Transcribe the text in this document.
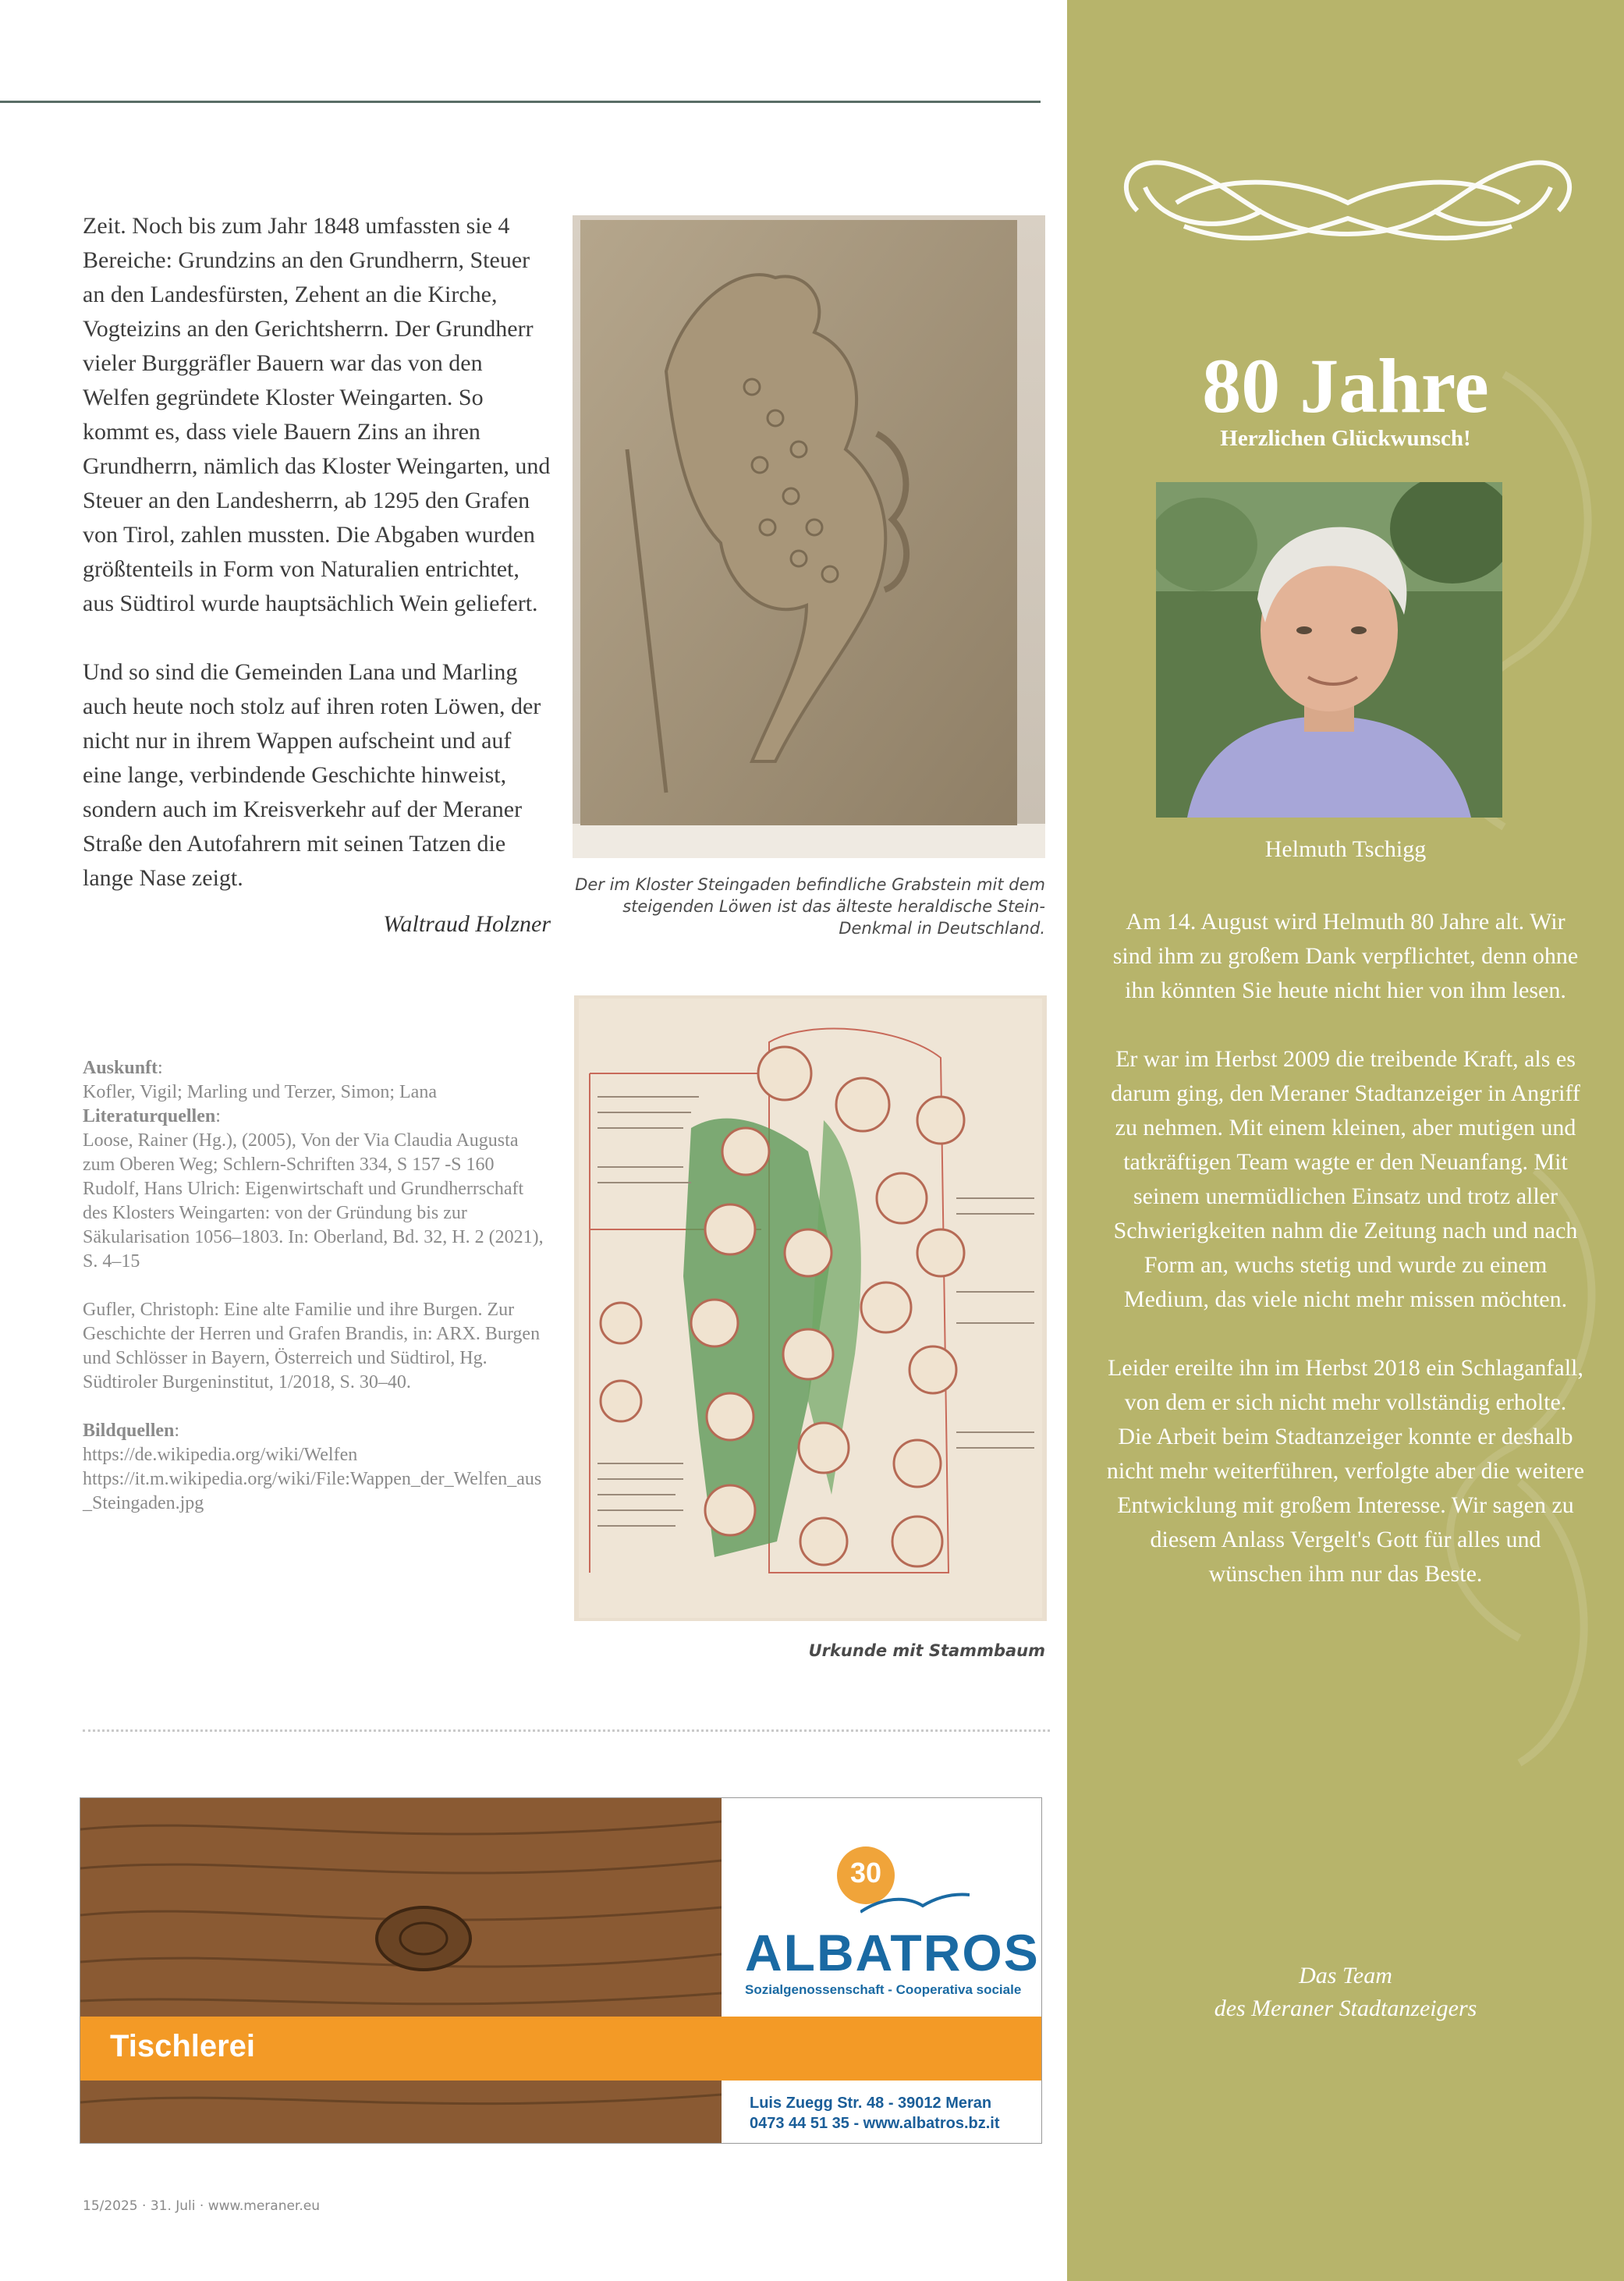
Zeit. Noch bis zum Jahr 1848 umfassten sie 4 Bereiche: Grundzins an den Grundherrn, Steuer an den Landesfürsten, Zehent an die Kirche, Vogteizins an den Gerichtsherrn. Der Grundherr vieler Burggräfler Bauern war das von den Welfen gegründete Kloster Weingarten. So kommt es, dass viele Bauern Zins an ihren Grundherrn, nämlich das Kloster Weingarten, und Steuer an den Landesherrn, ab 1295 den Grafen von Tirol, zahlen mussten. Die Abgaben wurden größtenteils in Form von Naturalien entrichtet, aus Südtirol wurde hauptsächlich Wein geliefert.

Und so sind die Gemeinden Lana und Marling auch heute noch stolz auf ihren roten Löwen, der nicht nur in ihrem Wappen aufscheint und auf eine lange, verbindende Geschichte hinweist, sondern auch im Kreisverkehr auf der Meraner Straße den Autofahrern mit seinen Tatzen die lange Nase zeigt.

Waltraud Holzner

Auskunft:

Kofler, Vigil; Marling und Terzer, Simon; Lana

Literaturquellen:

Loose, Rainer (Hg.), (2005), Von der Via Claudia Augusta zum Oberen Weg; Schlern-Schriften 334, S 157 -S 160

Rudolf, Hans Ulrich: Eigenwirtschaft und Grundherrschaft des Klosters Weingarten: von der Gründung bis zur Säkularisation 1056–1803. In: Oberland, Bd. 32, H. 2 (2021), S. 4–15

Gufler, Christoph: Eine alte Familie und ihre Burgen. Zur Geschichte der Herren und Grafen Brandis, in: ARX. Burgen und Schlösser in Bayern, Österreich und Südtirol, Hg. Südtiroler Burgeninstitut, 1/2018, S. 30–40.

Bildquellen:

https://de.wikipedia.org/wiki/Welfen

https://it.m.wikipedia.org/wiki/File:Wappen_der_Welfen_aus_Steingaden.jpg

Der im Kloster Steingaden befindliche Grabstein mit dem steigenden Löwen ist das älteste heraldische Stein-Denkmal in Deutschland.
Urkunde mit Stammbaum
30
ALBATROS
Sozialgenossenschaft - Cooperativa sociale
Tischlerei
Luis Zuegg Str. 48 - 39012 Meran
0473 44 51 35 - www.albatros.bz.it
15/2025 · 31. Juli · www.meraner.eu
80 Jahre
Herzlichen Glückwunsch!
Helmuth Tschigg

Am 14. August wird Helmuth 80 Jahre alt. Wir sind ihm zu großem Dank verpflichtet, denn ohne ihn könnten Sie heute nicht hier von ihm lesen.

Er war im Herbst 2009 die treibende Kraft, als es darum ging, den Meraner Stadtanzeiger in Angriff zu nehmen. Mit einem kleinen, aber mutigen und tatkräftigen Team wagte er den Neuanfang. Mit seinem unermüdlichen Einsatz und trotz aller Schwierigkeiten nahm die Zeitung nach und nach Form an, wuchs stetig und wurde zu einem Medium, das viele nicht mehr missen möchten.

Leider ereilte ihn im Herbst 2018 ein Schlaganfall, von dem er sich nicht mehr vollständig erholte. Die Arbeit beim Stadtanzeiger konnte er deshalb nicht mehr weiterführen, verfolgte aber die weitere Entwicklung mit großem Interesse. Wir sagen zu diesem Anlass Vergelt's Gott für alles und wünschen ihm nur das Beste.

Das Team
des Meraner Stadtanzeigers
